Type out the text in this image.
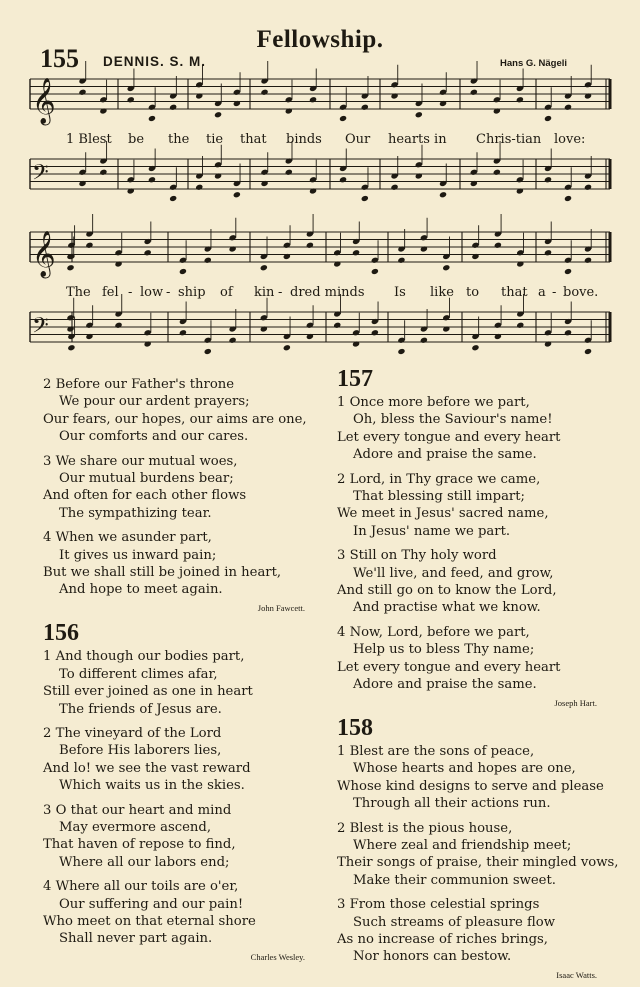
Fellowship.
155 DENNIS. S. M.	Hans G. Nägeli
𝄞
𝄢
𝄞
𝄢
1 Blest be the tie that binds Our hearts in Chris-tian love:
The fel - low - ship of kin - dred minds Is like to that a - bove.
2 Before our Father's throne
We pour our ardent prayers;
Our fears, our hopes, our aims are one,
Our comforts and our cares.
3 We share our mutual woes,
Our mutual burdens bear;
And often for each other flows
The sympathizing tear.
4 When we asunder part,
It gives us inward pain;
But we shall still be joined in heart,
And hope to meet again.
John Fawcett.
156
1 And though our bodies part,
To different climes afar,
Still ever joined as one in heart
The friends of Jesus are.
2 The vineyard of the Lord
Before His laborers lies,
And lo! we see the vast reward
Which waits us in the skies.
3 O that our heart and mind
May evermore ascend,
That haven of repose to find,
Where all our labors end;
4 Where all our toils are o'er,
Our suffering and our pain!
Who meet on that eternal shore
Shall never part again.
Charles Wesley.
157
1 Once more before we part,
Oh, bless the Saviour's name!
Let every tongue and every heart
Adore and praise the same.
2 Lord, in Thy grace we came,
That blessing still impart;
We meet in Jesus' sacred name,
In Jesus' name we part.
3 Still on Thy holy word
We'll live, and feed, and grow,
And still go on to know the Lord,
And practise what we know.
4 Now, Lord, before we part,
Help us to bless Thy name;
Let every tongue and every heart
Adore and praise the same.
Joseph Hart.
158
1 Blest are the sons of peace,
Whose hearts and hopes are one,
Whose kind designs to serve and please
Through all their actions run.
2 Blest is the pious house,
Where zeal and friendship meet;
Their songs of praise, their mingled vows,
Make their communion sweet.
3 From those celestial springs
Such streams of pleasure flow
As no increase of riches brings,
Nor honors can bestow.
Isaac Watts.
